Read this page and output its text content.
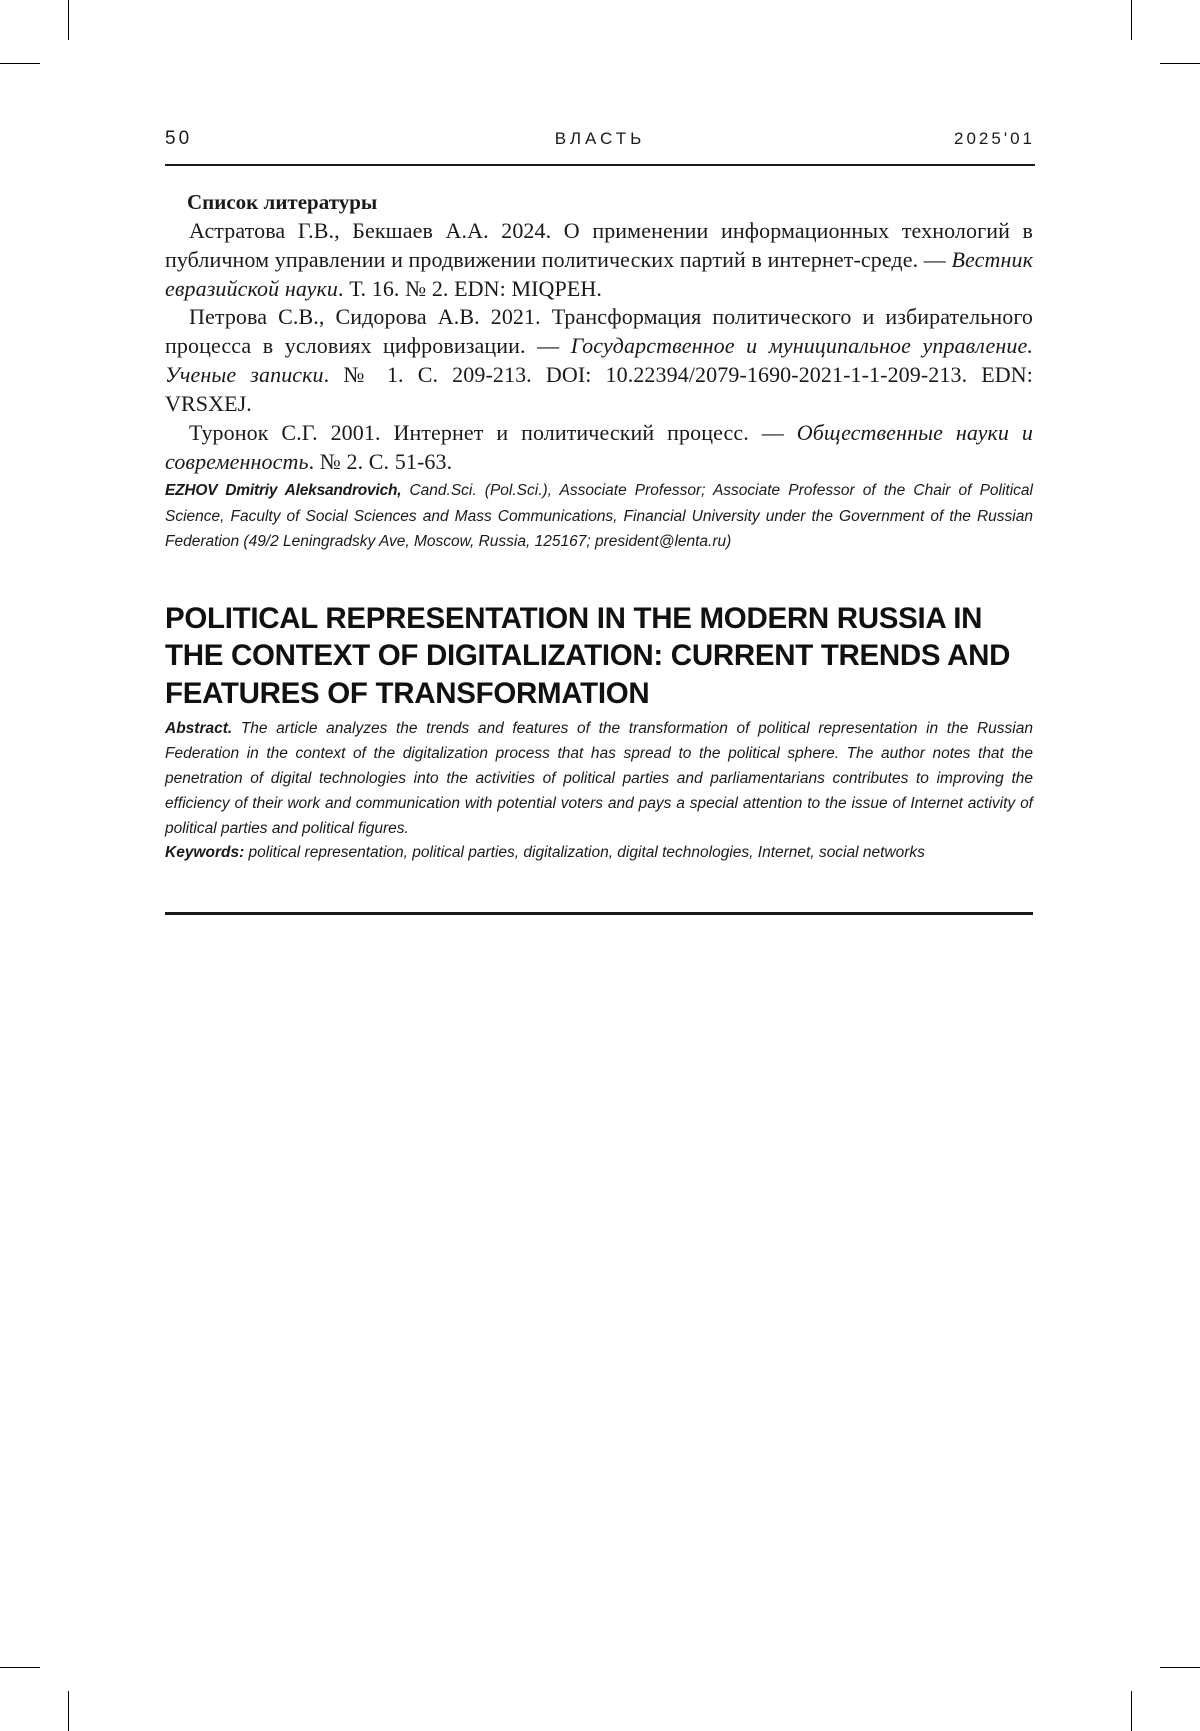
50	ВЛАСТЬ	2025'01
Список литературы

Астратова Г.В., Бекшаев А.А. 2024. О применении информационных технологий в публичном управлении и продвижении политических партий в интернет-среде. — Вестник евразийской науки. Т. 16. № 2. EDN: MIQPEH.

Петрова С.В., Сидорова А.В. 2021. Трансформация политического и избирательного процесса в условиях цифровизации. — Государственное и муниципальное управление. Ученые записки. № 1. С. 209-213. DOI: 10.22394/2079-1690-2021-1-1-209-213. EDN: VRSXEJ.

Туронок С.Г. 2001. Интернет и политический процесс. — Общественные науки и современность. № 2. С. 51-63.

EZHOV Dmitriy Aleksandrovich, Cand.Sci. (Pol.Sci.), Associate Professor; Associate Professor of the Chair of Political Science, Faculty of Social Sciences and Mass Communications, Financial University under the Government of the Russian Federation (49/2 Leningradsky Ave, Moscow, Russia, 125167; president@lenta.ru)
POLITICAL REPRESENTATION IN THE MODERN RUSSIA IN THE CONTEXT OF DIGITALIZATION: CURRENT TRENDS AND FEATURES OF TRANSFORMATION
Abstract. The article analyzes the trends and features of the transformation of political representation in the Russian Federation in the context of the digitalization process that has spread to the political sphere. The author notes that the penetration of digital technologies into the activities of political parties and parliamentarians contributes to improving the efficiency of their work and communication with potential voters and pays a special attention to the issue of Internet activity of political parties and political figures.
Keywords: political representation, political parties, digitalization, digital technologies, Internet, social networks
